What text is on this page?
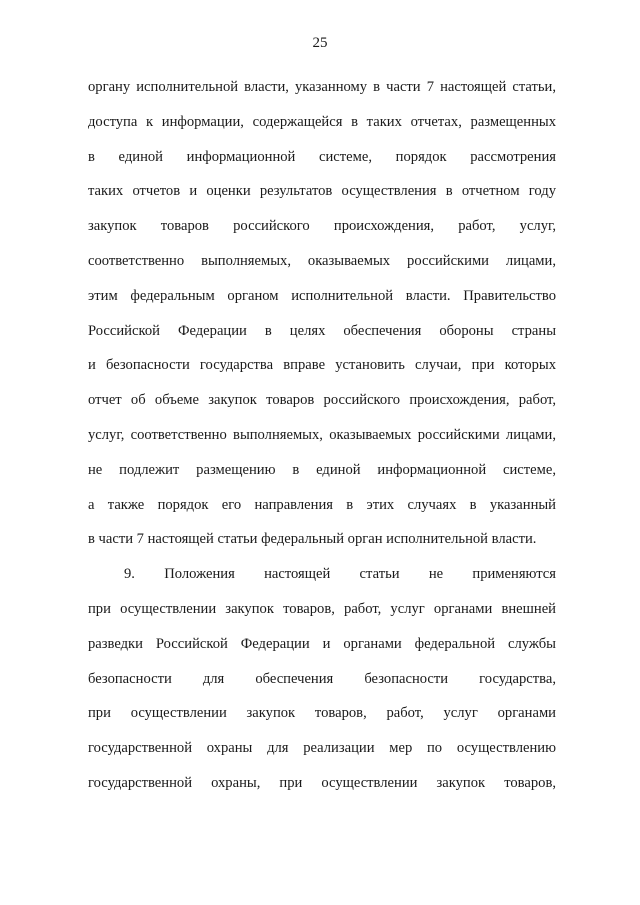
25
органу исполнительной власти, указанному в части 7 настоящей статьи,
доступа к информации, содержащейся в таких отчетах, размещенных
в единой информационной системе, порядок рассмотрения
таких отчетов и оценки результатов осуществления в отчетном году
закупок товаров российского происхождения, работ, услуг,
соответственно выполняемых, оказываемых российскими лицами,
этим федеральным органом исполнительной власти. Правительство
Российской Федерации в целях обеспечения обороны страны
и безопасности государства вправе установить случаи, при которых
отчет об объеме закупок товаров российского происхождения, работ,
услуг, соответственно выполняемых, оказываемых российскими лицами,
не подлежит размещению в единой информационной системе,
а также порядок его направления в этих случаях в указанный
в части 7 настоящей статьи федеральный орган исполнительной власти.
9. Положения настоящей статьи не применяются
при осуществлении закупок товаров, работ, услуг органами внешней
разведки Российской Федерации и органами федеральной службы
безопасности для обеспечения безопасности государства,
при осуществлении закупок товаров, работ, услуг органами
государственной охраны для реализации мер по осуществлению
государственной охраны, при осуществлении закупок товаров,
